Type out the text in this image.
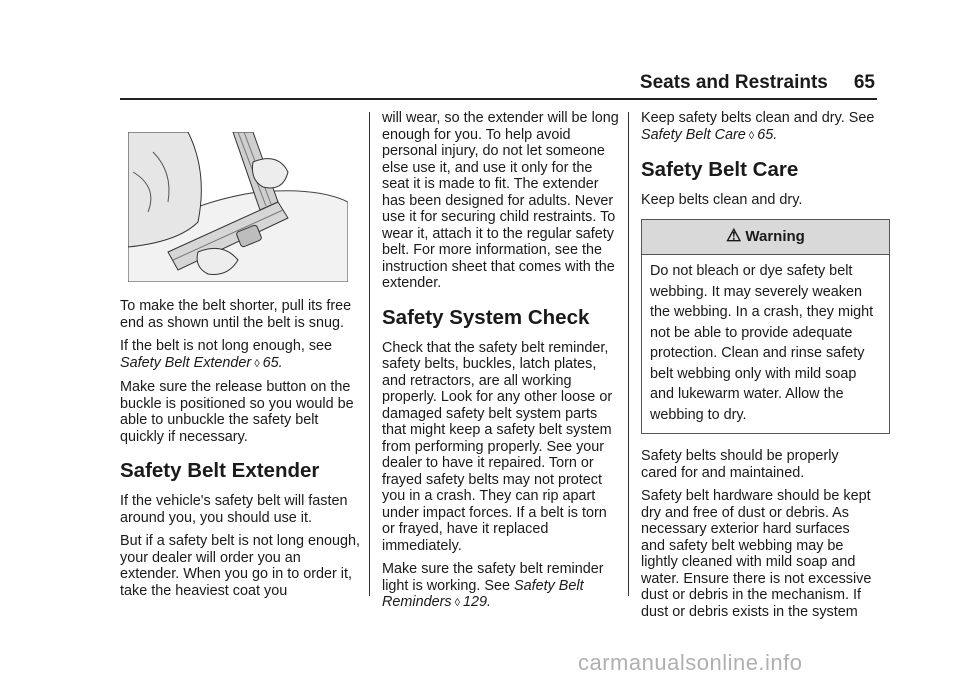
Seats and Restraints 65

To make the belt shorter, pull its free end as shown until the belt is snug.

If the belt is not long enough, see
Safety Belt Extender ◊ 65.

Make sure the release button on the buckle is positioned so you would be able to unbuckle the safety belt quickly if necessary.

Safety Belt Extender

If the vehicle's safety belt will fasten around you, you should use it.

But if a safety belt is not long enough, your dealer will order you an extender. When you go in to order it, take the heaviest coat you

will wear, so the extender will be long enough for you. To help avoid personal injury, do not let someone else use it, and use it only for the seat it is made to fit. The extender has been designed for adults. Never use it for securing child restraints. To wear it, attach it to the regular safety belt. For more information, see the instruction sheet that comes with the extender.

Safety System Check

Check that the safety belt reminder, safety belts, buckles, latch plates, and retractors, are all working properly. Look for any other loose or damaged safety belt system parts that might keep a safety belt system from performing properly. See your dealer to have it repaired. Torn or frayed safety belts may not protect you in a crash. They can rip apart under impact forces. If a belt is torn or frayed, have it replaced immediately.

Make sure the safety belt reminder light is working. See Safety Belt Reminders ◊ 129.

Keep safety belts clean and dry. See Safety Belt Care ◊ 65.

Safety Belt Care

Keep belts clean and dry.

⚠ Warning
Do not bleach or dye safety belt webbing. It may severely weaken the webbing. In a crash, they might not be able to provide adequate protection. Clean and rinse safety belt webbing only with mild soap and lukewarm water. Allow the webbing to dry.

Safety belts should be properly cared for and maintained.

Safety belt hardware should be kept dry and free of dust or debris. As necessary exterior hard surfaces and safety belt webbing may be lightly cleaned with mild soap and water. Ensure there is not excessive dust or debris in the mechanism. If dust or debris exists in the system

carmanualsonline.info
